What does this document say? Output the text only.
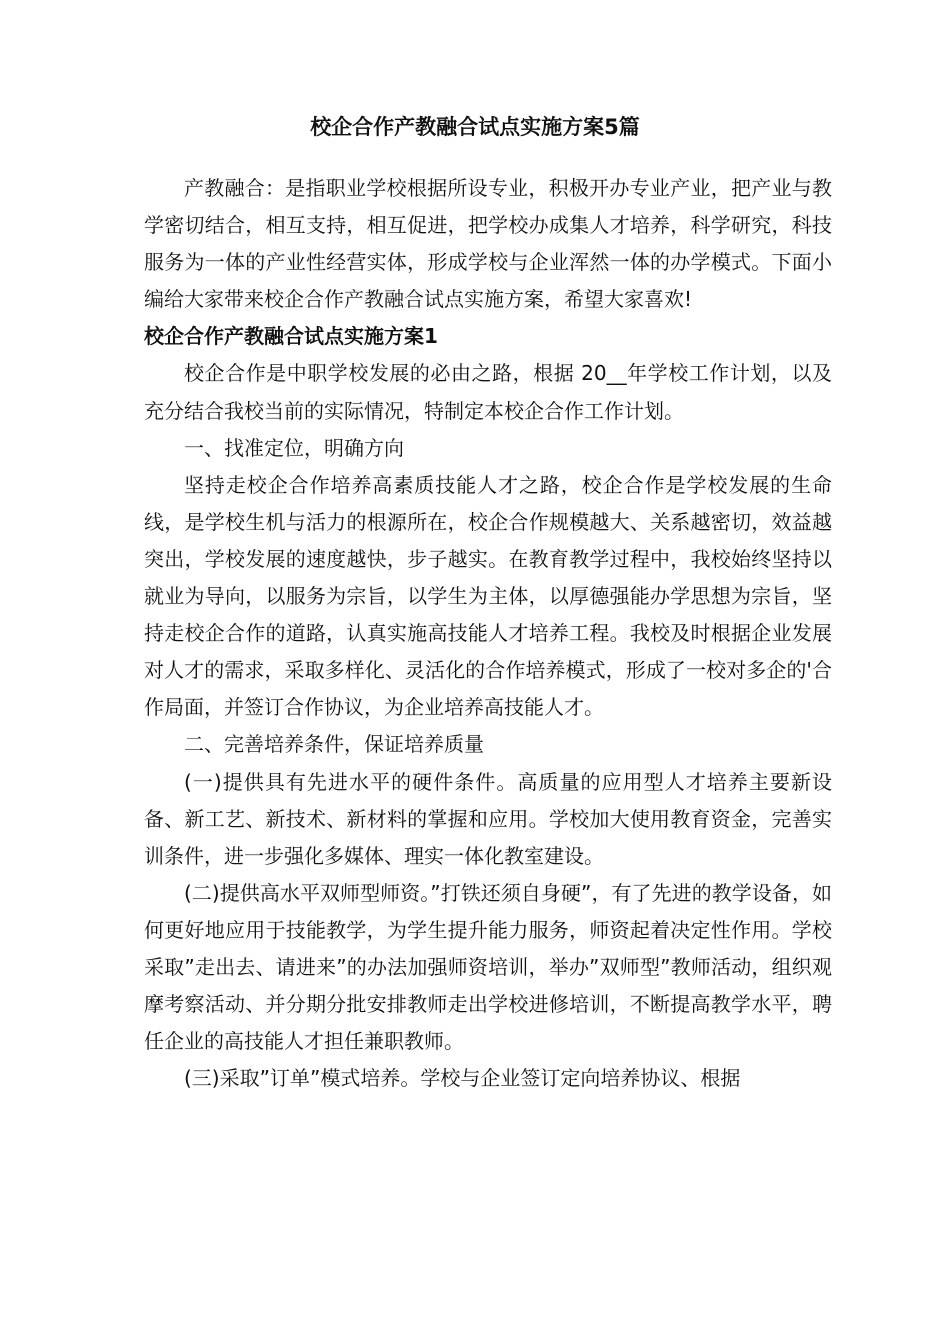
校企合作产教融合试点实施方案5篇

产教融合：是指职业学校根据所设专业，积极开办专业产业，把产业与教学密切结合，相互支持，相互促进，把学校办成集人才培养，科学研究，科技服务为一体的产业性经营实体，形成学校与企业浑然一体的办学模式。下面小编给大家带来校企合作产教融合试点实施方案，希望大家喜欢!

校企合作产教融合试点实施方案1

校企合作是中职学校发展的必由之路，根据 20__年学校工作计划，以及充分结合我校当前的实际情况，特制定本校企合作工作计划。

一、找准定位，明确方向

坚持走校企合作培养高素质技能人才之路，校企合作是学校发展的生命线，是学校生机与活力的根源所在，校企合作规模越大、关系越密切，效益越突出，学校发展的速度越快，步子越实。在教育教学过程中，我校始终坚持以就业为导向，以服务为宗旨，以学生为主体，以厚德强能办学思想为宗旨，坚持走校企合作的道路，认真实施高技能人才培养工程。我校及时根据企业发展对人才的需求，采取多样化、灵活化的合作培养模式，形成了一校对多企的'合作局面，并签订合作协议，为企业培养高技能人才。

二、完善培养条件，保证培养质量

(一)提供具有先进水平的硬件条件。高质量的应用型人才培养主要新设备、新工艺、新技术、新材料的掌握和应用。学校加大使用教育资金，完善实训条件，进一步强化多媒体、理实一体化教室建设。

(二)提供高水平双师型师资。”打铁还须自身硬”，有了先进的教学设备，如何更好地应用于技能教学，为学生提升能力服务，师资起着决定性作用。学校采取”走出去、请进来”的办法加强师资培训，举办”双师型”教师活动，组织观摩考察活动、并分期分批安排教师走出学校进修培训，不断提高教学水平，聘任企业的高技能人才担任兼职教师。

(三)采取”订单”模式培养。学校与企业签订定向培养协议、根据
